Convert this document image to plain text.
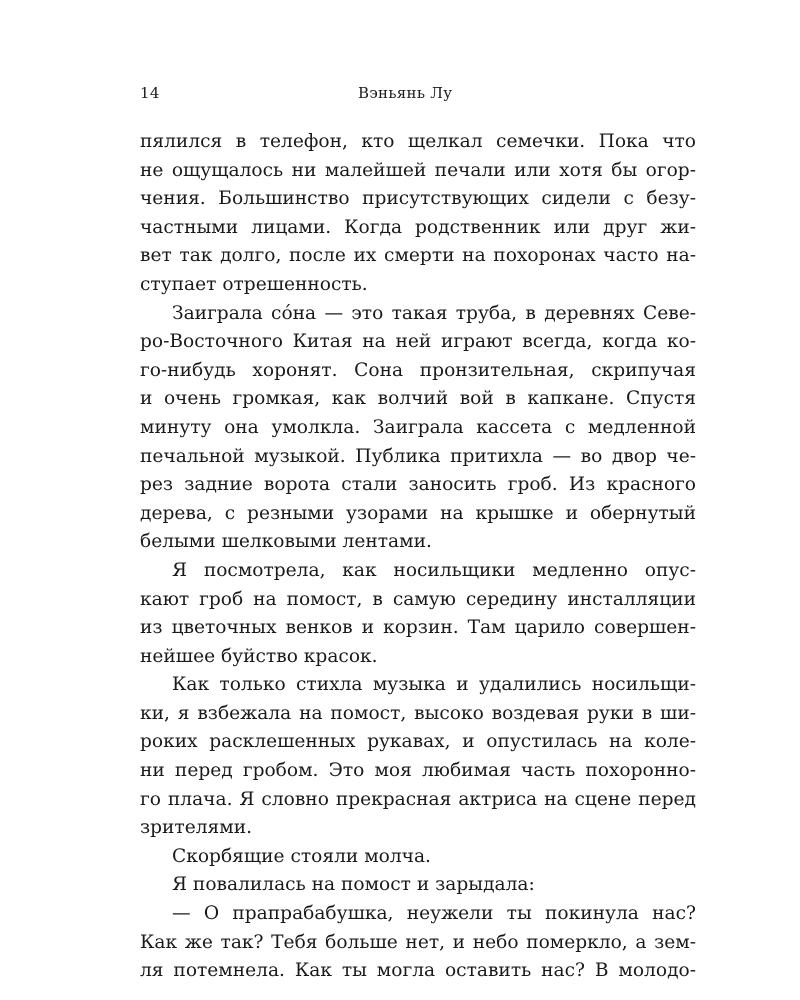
14	Вэньянь Лу
пялился в телефон, кто щелкал семечки. Пока что
не ощущалось ни малейшей печали или хотя бы огор-
чения. Большинство присутствующих сидели с безу-
частными лицами. Когда родственник или друг жи-
вет так долго, после их смерти на похоронах часто на-
ступает отрешенность.
Заиграла со́на — это такая труба, в деревнях Севе-
ро-Восточного Китая на ней играют всегда, когда ко-
го-нибудь хоронят. Сона пронзительная, скрипучая
и очень громкая, как волчий вой в капкане. Спустя
минуту она умолкла. Заиграла кассета с медленной
печальной музыкой. Публика притихла — во двор че-
рез задние ворота стали заносить гроб. Из красного
дерева, с резными узорами на крышке и обернутый
белыми шелковыми лентами.
Я посмотрела, как носильщики медленно опус-
кают гроб на помост, в самую середину инсталляции
из цветочных венков и корзин. Там царило совершен-
нейшее буйство красок.
Как только стихла музыка и удалились носильщи-
ки, я взбежала на помост, высоко воздевая руки в ши-
роких расклешенных рукавах, и опустилась на коле-
ни перед гробом. Это моя любимая часть похоронно-
го плача. Я словно прекрасная актриса на сцене перед
зрителями.
Скорбящие стояли молча.
Я повалилась на помост и зарыдала:
— О прапрабабушка, неужели ты покинула нас?
Как же так? Тебя больше нет, и небо померкло, а зем-
ля потемнела. Как ты могла оставить нас? В молодо-
